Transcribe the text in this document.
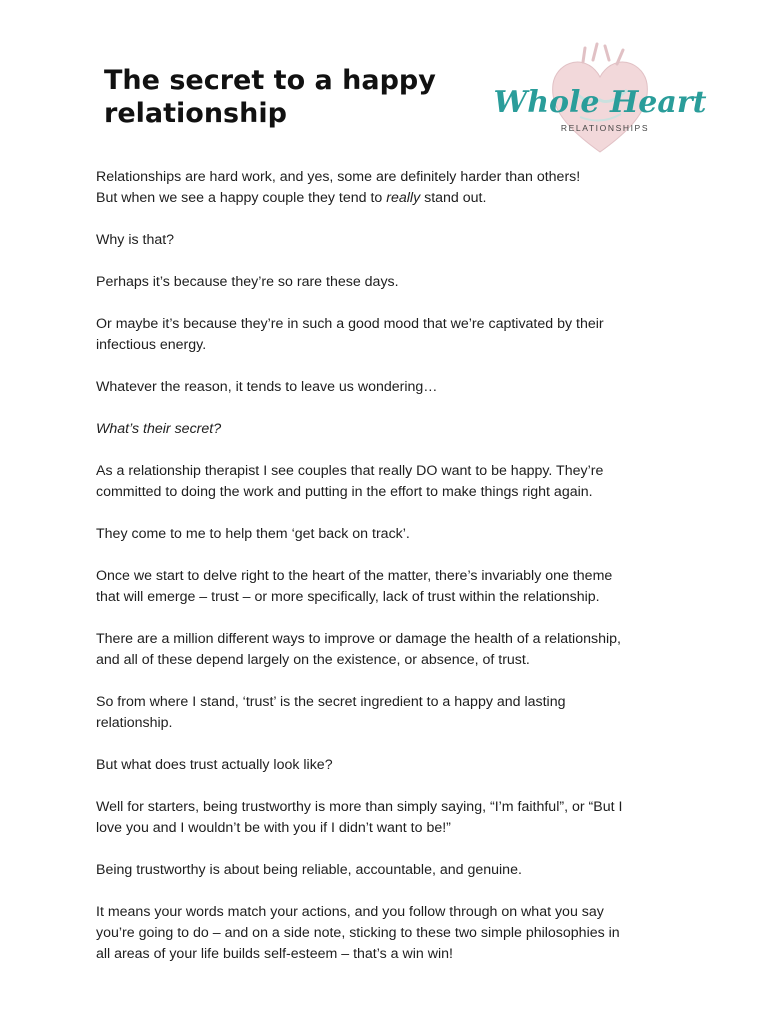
The secret to a happy
relationship	Whole Heart
RELATIONSHIPS

Relationships are hard work, and yes, some are definitely harder than others!
But when we see a happy couple they tend to really stand out.

Why is that?

Perhaps it’s because they’re so rare these days.

Or maybe it’s because they’re in such a good mood that we’re captivated by their
infectious energy.

Whatever the reason, it tends to leave us wondering…

What’s their secret?

As a relationship therapist I see couples that really DO want to be happy. They’re
committed to doing the work and putting in the effort to make things right again.

They come to me to help them ‘get back on track’.

Once we start to delve right to the heart of the matter, there’s invariably one theme
that will emerge – trust – or more specifically, lack of trust within the relationship.

There are a million different ways to improve or damage the health of a relationship,
and all of these depend largely on the existence, or absence, of trust.

So from where I stand, ‘trust’ is the secret ingredient to a happy and lasting
relationship.

But what does trust actually look like?

Well for starters, being trustworthy is more than simply saying, “I’m faithful”, or “But I
love you and I wouldn’t be with you if I didn’t want to be!”

Being trustworthy is about being reliable, accountable, and genuine.

It means your words match your actions, and you follow through on what you say
you’re going to do – and on a side note, sticking to these two simple philosophies in
all areas of your life builds self-esteem – that’s a win win!
